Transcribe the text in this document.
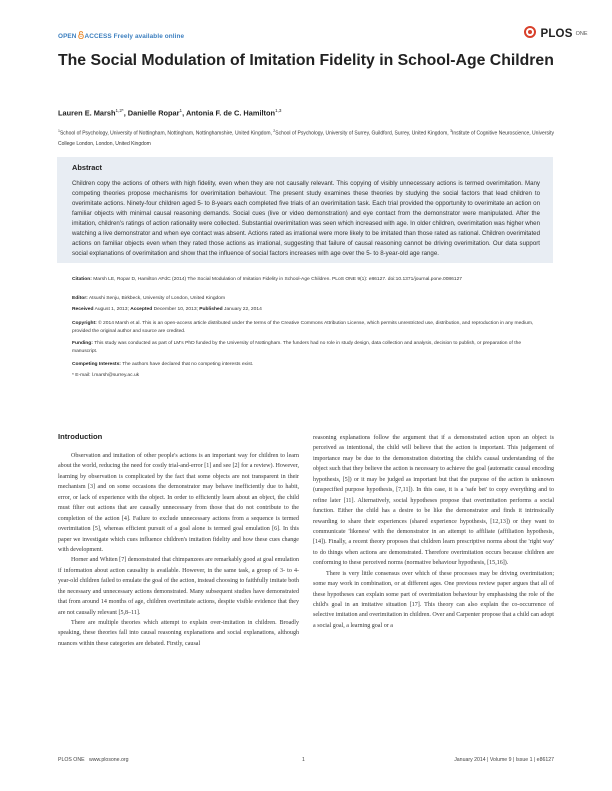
OPEN ACCESS Freely available online	PLOS ONE
The Social Modulation of Imitation Fidelity in School-Age Children
Lauren E. Marsh$^{1,2*}$, Danielle Ropar$^1$, Antonia F. de C. Hamilton$^{1,3}$
$^1$School of Psychology, University of Nottingham, Nottingham, Nottinghamshire, United Kingdom, $^2$School of Psychology, University of Surrey, Guildford, Surrey, United Kingdom, $^3$Institute of Cognitive Neuroscience, University College London, London, United Kingdom
Abstract
Children copy the actions of others with high fidelity, even when they are not causally relevant. This copying of visibly unnecessary actions is termed overimitation. Many competing theories propose mechanisms for overimitation behaviour. The present study examines these theories by studying the social factors that lead children to overimitate actions. Ninety-four children aged 5- to 8-years each completed five trials of an overimitation task. Each trial provided the opportunity to overimitate an action on familiar objects with minimal causal reasoning demands. Social cues (live or video demonstration) and eye contact from the demonstrator were manipulated. After the imitation, children's ratings of action rationality were collected. Substantial overimitation was seen which increased with age. In older children, overimitation was higher when watching a live demonstrator and when eye contact was absent. Actions rated as irrational were more likely to be imitated than those rated as rational. Children overimitated actions on familiar objects even when they rated those actions as irrational, suggesting that failure of causal reasoning cannot be driving overimitation. Our data support social explanations of overimitation and show that the influence of social factors increases with age over the 5- to 8-year-old age range.
Citation: Marsh LE, Ropar D, Hamilton AFdC (2014) The Social Modulation of Imitation Fidelity in School-Age Children. PLoS ONE 9(1): e86127. doi:10.1371/journal.pone.0086127
Editor: Atsushi Senju, Birkbeck, University of London, United Kingdom
Received August 1, 2013; Accepted December 10, 2013; Published January 22, 2014
Copyright: © 2014 Marsh et al. This is an open-access article distributed under the terms of the Creative Commons Attribution License, which permits unrestricted use, distribution, and reproduction in any medium, provided the original author and source are credited.
Funding: This study was conducted as part of LM's PhD funded by the University of Nottingham. The funders had no role in study design, data collection and analysis, decision to publish, or preparation of the manuscript.
Competing Interests: The authors have declared that no competing interests exist.
* E-mail: l.marsh@surrey.ac.uk
Introduction

Observation and imitation of other people's actions is an important way for children to learn about the world, reducing the need for costly trial-and-error [1] and see [2] for a review). However, learning by observation is complicated by the fact that some objects are not transparent in their mechanism [3] and on some occasions the demonstrator may behave inefficiently due to habit, error, or lack of experience with the object. In order to efficiently learn about an object, the child must filter out actions that are causally unnecessary from those that do not contribute to the completion of the action [4]. Failure to exclude unnecessary actions from a sequence is termed overimitation [5], whereas efficient pursuit of a goal alone is termed goal emulation [6]. In this paper we investigate which cues influence children's imitation fidelity and how these cues change with development.

Horner and Whiten [7] demonstrated that chimpanzees are remarkably good at goal emulation if information about action causality is available. However, in the same task, a group of 3- to 4-year-old children failed to emulate the goal of the action, instead choosing to faithfully imitate both the necessary and unnecessary actions demonstrated. Many subsequent studies have demonstrated that from around 14 months of age, children overimitate actions, despite visible evidence that they are not causally relevant [5,8–11].

There are multiple theories which attempt to explain over-imitation in children. Broadly speaking, these theories fall into causal reasoning explanations and social explanations, although nuances within these categories are debated. Firstly, causal

reasoning explanations follow the argument that if a demonstrated action upon an object is perceived as intentional, the child will believe that the action is important. This judgement of importance may be due to the demonstration distorting the child's causal understanding of the object such that they believe the action is necessary to achieve the goal (automatic causal encoding hypothesis, [5]) or it may be judged as important but that the purpose of the action is unknown (unspecified purpose hypothesis, [7,11]). In this case, it is a 'safe bet' to copy everything and to refine later [11]. Alternatively, social hypotheses propose that overimitation performs a social function. Either the child has a desire to be like the demonstrator and finds it intrinsically rewarding to share their experiences (shared experience hypothesis, [12,13]) or they want to communicate 'likeness' with the demonstrator in an attempt to affiliate (affiliation hypothesis, [14]). Finally, a recent theory proposes that children learn prescriptive norms about the 'right way' to do things when actions are demonstrated. Therefore overimitation occurs because children are conforming to these perceived norms (normative behaviour hypothesis, [15,16]).

There is very little consensus over which of these processes may be driving overimitation; some may work in combination, or at different ages. One previous review paper argues that all of these hypotheses can explain some part of overimitation behaviour by emphasising the role of the child's goal in an imitative situation [17]. This theory can also explain the co-occurrence of selective imitation and overimitation in children. Over and Carpenter propose that a child can adopt a social goal, a learning goal or a

PLOS ONE www.plosone.org	1	January 2014 | Volume 9 | Issue 1 | e86127
